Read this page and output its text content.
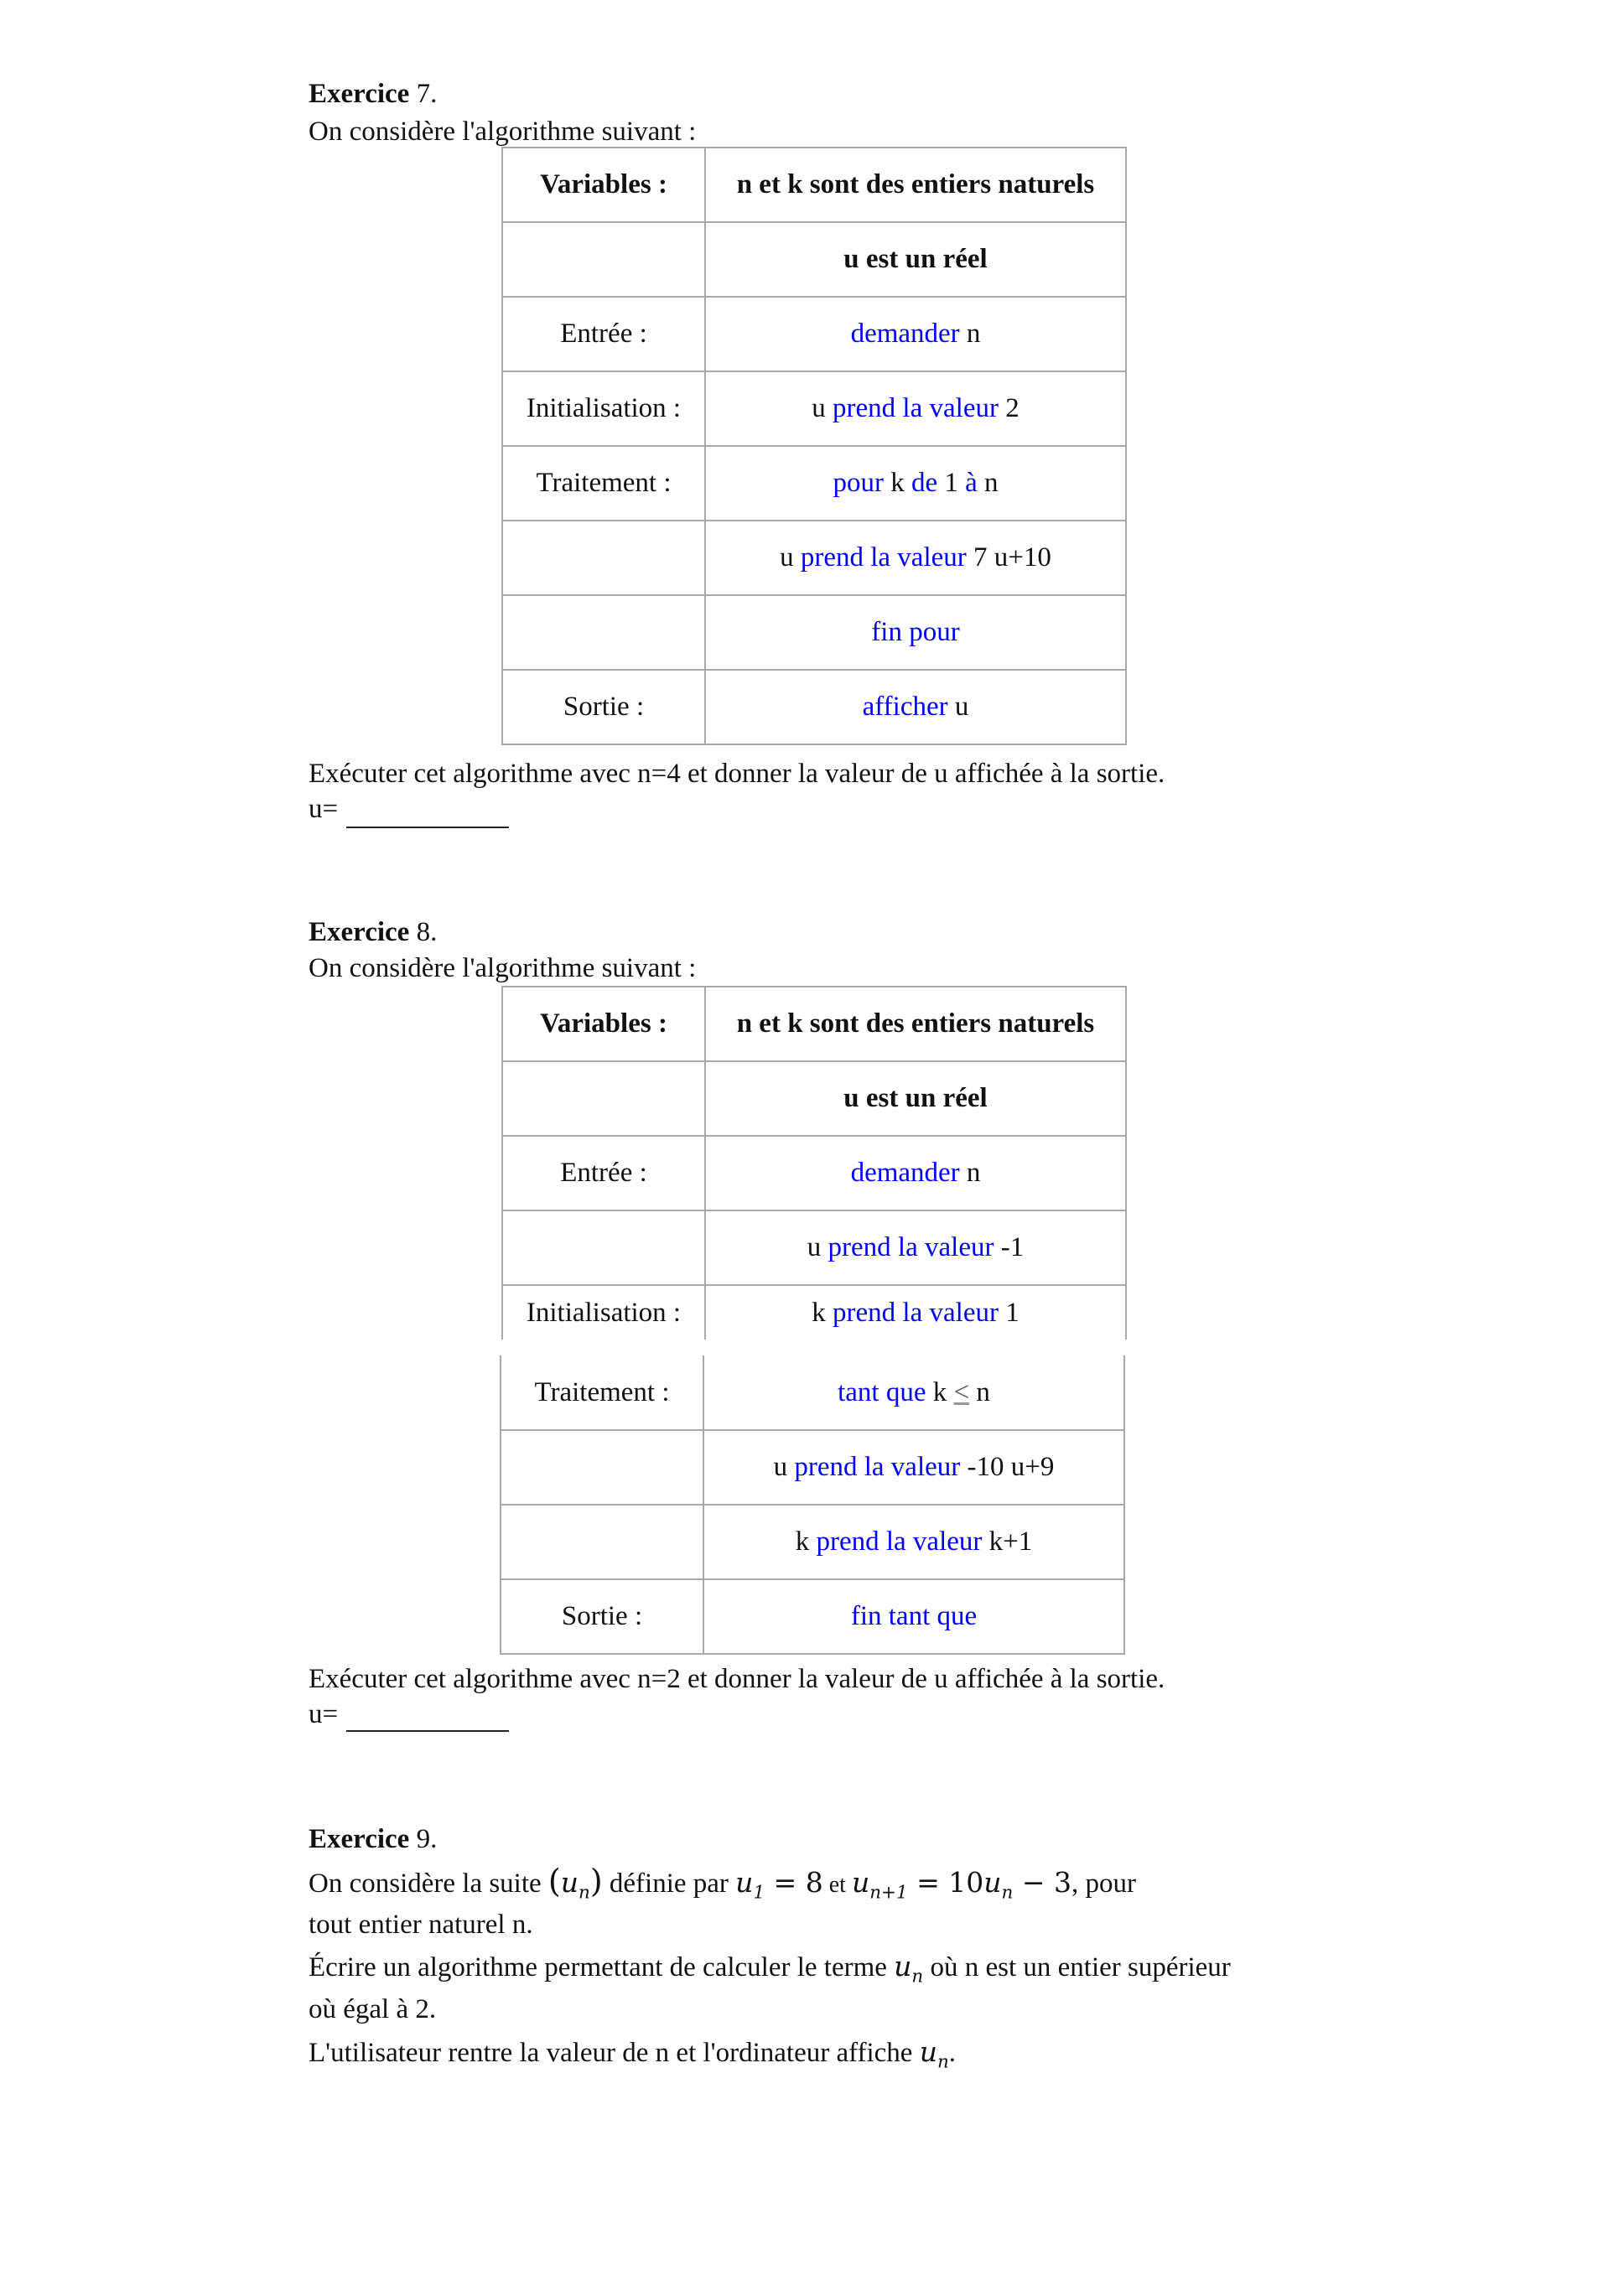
Exercice 7.
On considère l'algorithme suivant :
Variables :	n et k sont des entiers naturels
	u est un réel
Entrée :	demander n
Initialisation :	u prend la valeur 2
Traitement :	pour k de 1 à n
	u prend la valeur 7 u+10
	fin pour
Sortie :	afficher u
Exécuter cet algorithme avec n=4 et donner la valeur de u affichée à la sortie.
u=
Exercice 8.
On considère l'algorithme suivant :
Variables :	n et k sont des entiers naturels
	u est un réel
Entrée :	demander n
	u prend la valeur -1
Initialisation :	k prend la valeur 1
Traitement :	tant que k ≤ n
	u prend la valeur -10 u+9
	k prend la valeur k+1
Sortie :	fin tant que
Exécuter cet algorithme avec n=2 et donner la valeur de u affichée à la sortie.
u=
Exercice 9.
On considère la suite $(u_n)$ définie par $u_1 = 8$ et $u_{n+1} = 10u_n - 3$, pour
tout entier naturel n.
Écrire un algorithme permettant de calculer le terme $u_n$ où n est un entier supérieur
où égal à 2.
L'utilisateur rentre la valeur de n et l'ordinateur affiche $u_n$.
